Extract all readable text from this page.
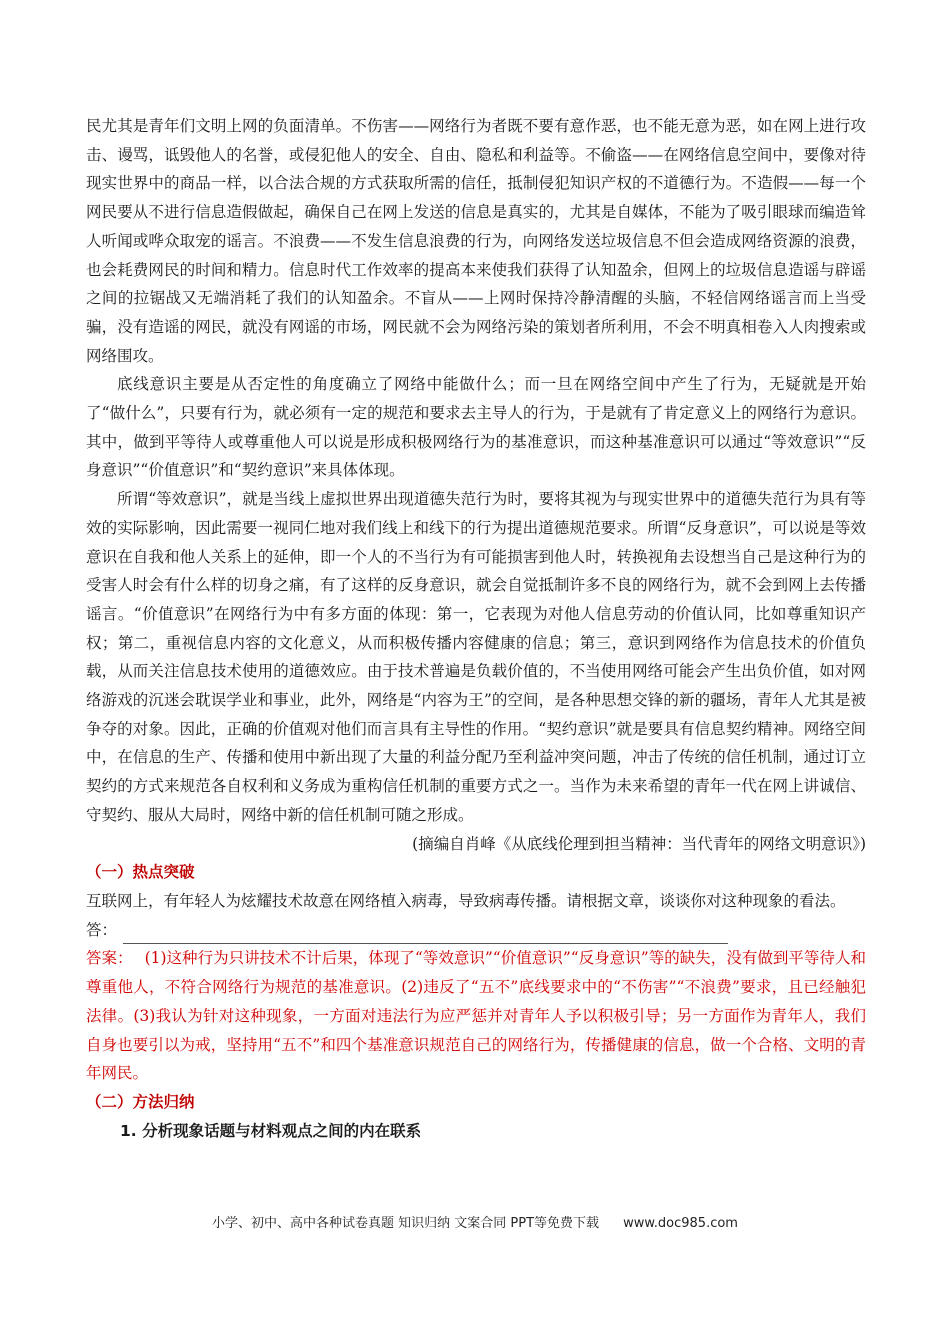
民尤其是青年们文明上网的负面清单。不伤害——网络行为者既不要有意作恶，也不能无意为恶，如在网上进行攻击、谩骂，诋毁他人的名誉，或侵犯他人的安全、自由、隐私和利益等。不偷盗——在网络信息空间中，要像对待现实世界中的商品一样，以合法合规的方式获取所需的信任，抵制侵犯知识产权的不道德行为。不造假——每一个网民要从不进行信息造假做起，确保自己在网上发送的信息是真实的，尤其是自媒体，不能为了吸引眼球而编造耸人听闻或哗众取宠的谣言。不浪费——不发生信息浪费的行为，向网络发送垃圾信息不但会造成网络资源的浪费，也会耗费网民的时间和精力。信息时代工作效率的提高本来使我们获得了认知盈余，但网上的垃圾信息造谣与辟谣之间的拉锯战又无端消耗了我们的认知盈余。不盲从——上网时保持冷静清醒的头脑，不轻信网络谣言而上当受骗，没有造谣的网民，就没有网谣的市场，网民就不会为网络污染的策划者所利用，不会不明真相卷入人肉搜索或网络围攻。

底线意识主要是从否定性的角度确立了网络中能做什么；而一旦在网络空间中产生了行为，无疑就是开始了“做什么”，只要有行为，就必须有一定的规范和要求去主导人的行为，于是就有了肯定意义上的网络行为意识。其中，做到平等待人或尊重他人可以说是形成积极网络行为的基准意识，而这种基准意识可以通过“等效意识”“反身意识”“价值意识”和“契约意识”来具体体现。

所谓“等效意识”，就是当线上虚拟世界出现道德失范行为时，要将其视为与现实世界中的道德失范行为具有等效的实际影响，因此需要一视同仁地对我们线上和线下的行为提出道德规范要求。所谓“反身意识”，可以说是等效意识在自我和他人关系上的延伸，即一个人的不当行为有可能损害到他人时，转换视角去设想当自己是这种行为的受害人时会有什么样的切身之痛，有了这样的反身意识，就会自觉抵制许多不良的网络行为，就不会到网上去传播谣言。“价值意识”在网络行为中有多方面的体现：第一，它表现为对他人信息劳动的价值认同，比如尊重知识产权；第二，重视信息内容的文化意义，从而积极传播内容健康的信息；第三，意识到网络作为信息技术的价值负载，从而关注信息技术使用的道德效应。由于技术普遍是负载价值的，不当使用网络可能会产生出负价值，如对网络游戏的沉迷会耽误学业和事业，此外，网络是“内容为王”的空间，是各种思想交锋的新的疆场，青年人尤其是被争夺的对象。因此，正确的价值观对他们而言具有主导性的作用。“契约意识”就是要具有信息契约精神。网络空间中，在信息的生产、传播和使用中新出现了大量的利益分配乃至利益冲突问题，冲击了传统的信任机制，通过订立契约的方式来规范各自权利和义务成为重构信任机制的重要方式之一。当作为未来希望的青年一代在网上讲诚信、守契约、服从大局时，网络中新的信任机制可随之形成。

(摘编自肖峰《从底线伦理到担当精神：当代青年的网络文明意识》)

（一）热点突破

互联网上，有年轻人为炫耀技术故意在网络植入病毒，导致病毒传播。请根据文章，谈谈你对这种现象的看法。

答：

答案： (1)这种行为只讲技术不计后果，体现了“等效意识”“价值意识”“反身意识”等的缺失，没有做到平等待人和尊重他人，不符合网络行为规范的基准意识。(2)违反了“五不”底线要求中的“不伤害”“不浪费”要求，且已经触犯法律。(3)我认为针对这种现象，一方面对违法行为应严惩并对青年人予以积极引导；另一方面作为青年人，我们自身也要引以为戒，坚持用“五不”和四个基准意识规范自己的网络行为，传播健康的信息，做一个合格、文明的青年网民。

（二）方法归纳

1. 分析现象话题与材料观点之间的内在联系

小学、初中、高中各种试卷真题 知识归纳 文案合同 PPT等免费下载 www.doc985.com
